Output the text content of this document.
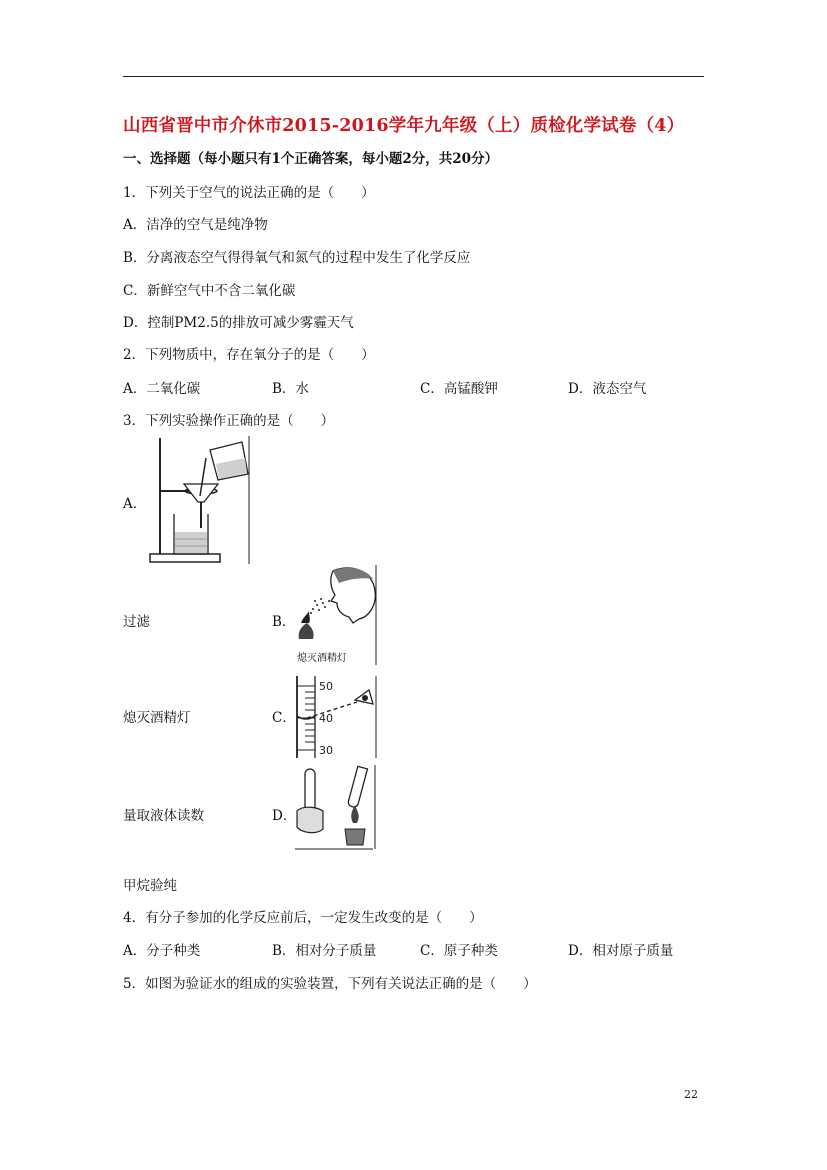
山西省晋中市介休市2015-2016学年九年级（上）质检化学试卷（4）
一、选择题（每小题只有1个正确答案，每小题2分，共20分）
1．下列关于空气的说法正确的是（　　）
A．洁净的空气是纯净物
B．分离液态空气得得氧气和氮气的过程中发生了化学反应
C．新鲜空气中不含二氧化碳
D．控制PM2.5的排放可减少雾霾天气
2．下列物质中，存在氧分子的是（　　）
A．二氧化碳	B．水	C．高锰酸钾	D．液态空气
3．下列实验操作正确的是（　　）
A．
过滤	B．
熄灭酒精灯
熄灭酒精灯	C．
50
40
30
量取液体读数	D．
甲烷验纯
4．有分子参加的化学反应前后，一定发生改变的是（　　）
A．分子种类	B．相对分子质量	C．原子种类	D．相对原子质量
5．如图为验证水的组成的实验装置，下列有关说法正确的是（　　）
22
